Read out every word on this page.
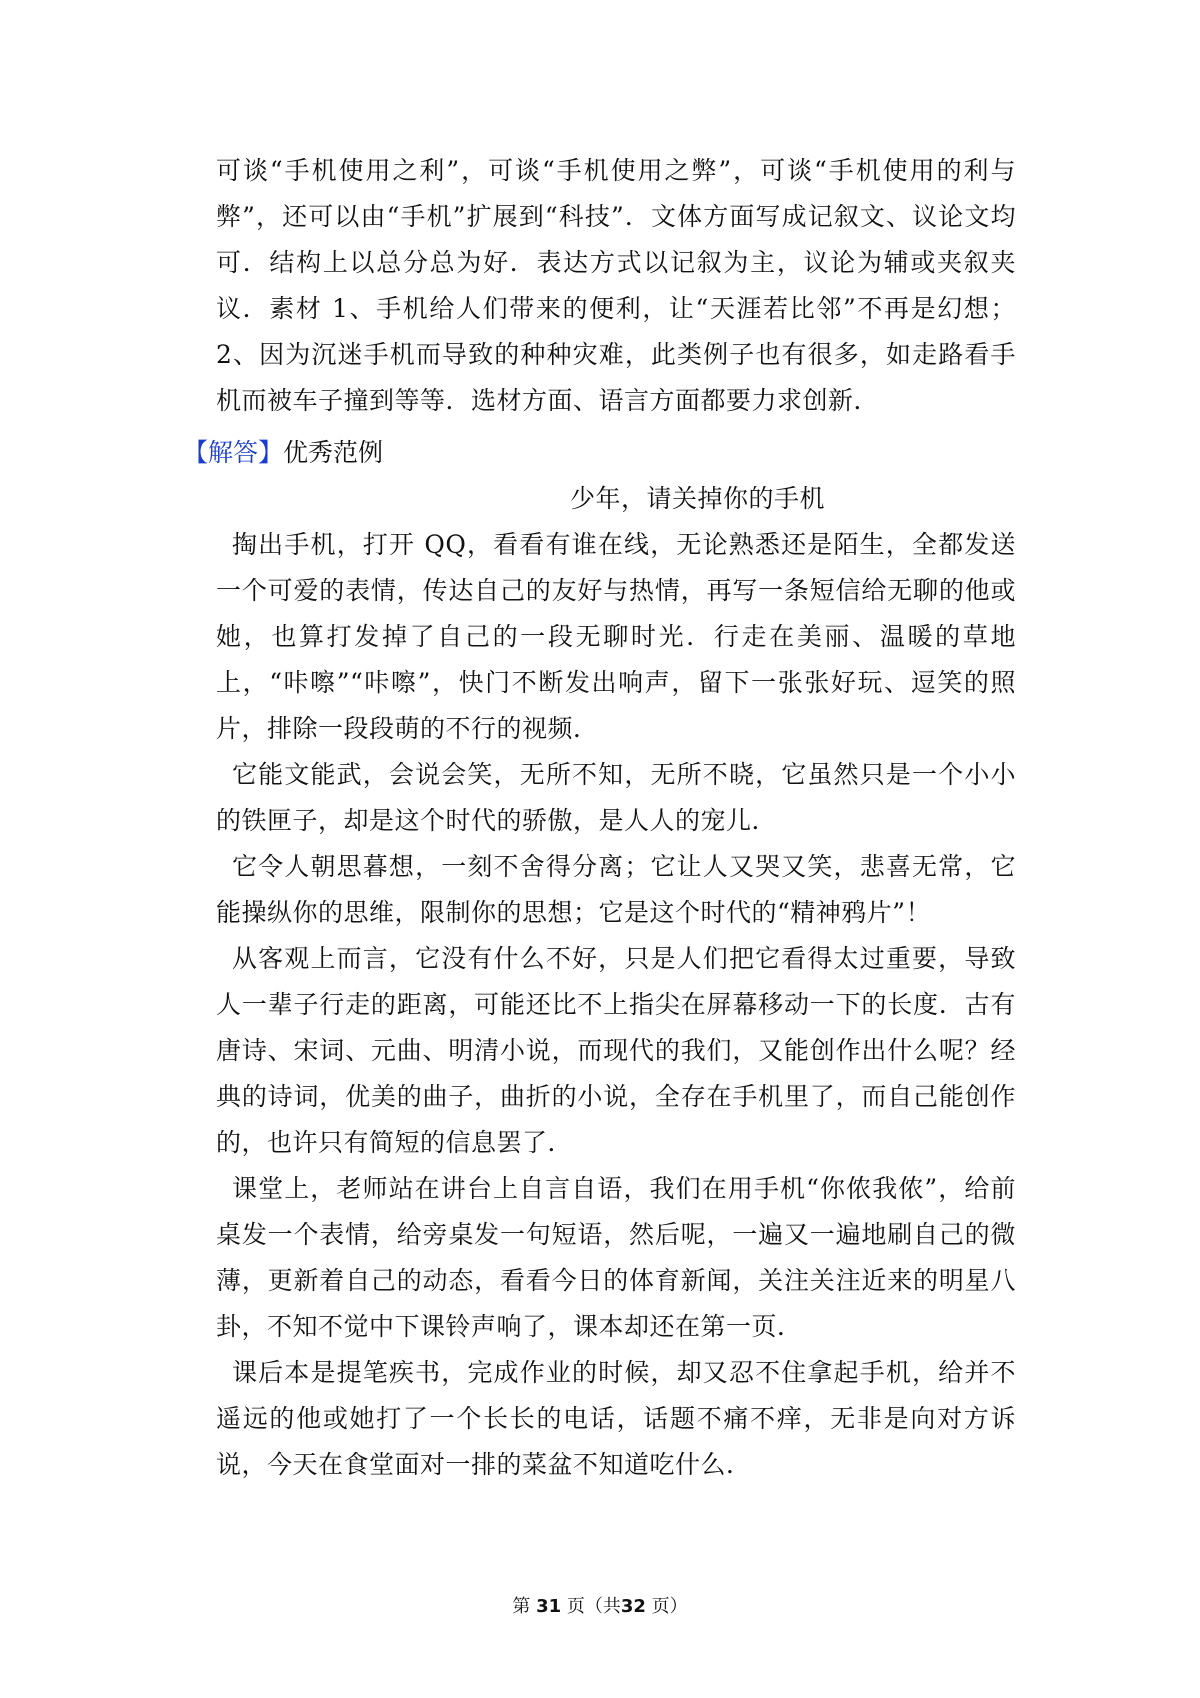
可谈“手机使用之利”，可谈“手机使用之弊”，可谈“手机使用的利与弊”，还可以由“手机”扩展到“科技”．文体方面写成记叙文、议论文均可．结构上以总分总为好．表达方式以记叙为主，议论为辅或夹叙夹议．素材 1、手机给人们带来的便利，让“天涯若比邻”不再是幻想；2、因为沉迷手机而导致的种种灾难，此类例子也有很多，如走路看手机而被车子撞到等等．选材方面、语言方面都要力求创新．
【解答】优秀范例
少年，请关掉你的手机

掏出手机，打开 QQ，看看有谁在线，无论熟悉还是陌生，全都发送一个可爱的表情，传达自己的友好与热情，再写一条短信给无聊的他或她，也算打发掉了自己的一段无聊时光．行走在美丽、温暖的草地上，“咔嚓”“咔嚓”，快门不断发出响声，留下一张张好玩、逗笑的照片，排除一段段萌的不行的视频．

它能文能武，会说会笑，无所不知，无所不晓，它虽然只是一个小小的铁匣子，却是这个时代的骄傲，是人人的宠儿．

它令人朝思暮想，一刻不舍得分离；它让人又哭又笑，悲喜无常，它能操纵你的思维，限制你的思想；它是这个时代的“精神鸦片”！

从客观上而言，它没有什么不好，只是人们把它看得太过重要，导致人一辈子行走的距离，可能还比不上指尖在屏幕移动一下的长度．古有唐诗、宋词、元曲、明清小说，而现代的我们，又能创作出什么呢？经典的诗词，优美的曲子，曲折的小说，全存在手机里了，而自己能创作的，也许只有简短的信息罢了．

课堂上，老师站在讲台上自言自语，我们在用手机“你侬我侬”，给前桌发一个表情，给旁桌发一句短语，然后呢，一遍又一遍地刷自己的微薄，更新着自己的动态，看看今日的体育新闻，关注关注近来的明星八卦，不知不觉中下课铃声响了，课本却还在第一页．

课后本是提笔疾书，完成作业的时候，却又忍不住拿起手机，给并不遥远的他或她打了一个长长的电话，话题不痛不痒，无非是向对方诉说，今天在食堂面对一排的菜盆不知道吃什么．

第 31 页（共32 页）
